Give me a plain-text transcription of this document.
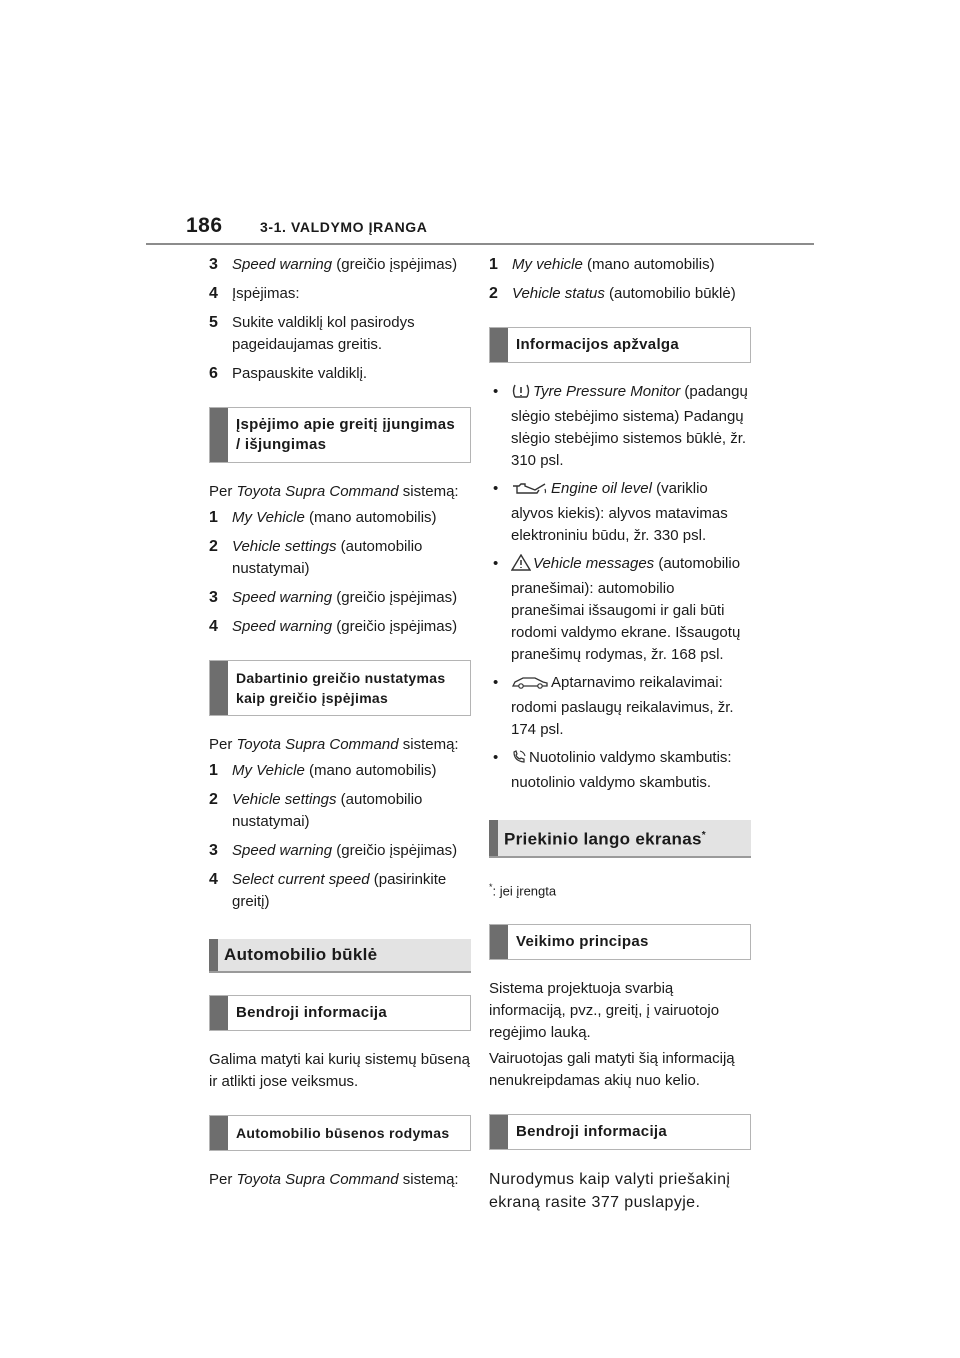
186	3-1. VALDYMO ĮRANGA
3 Speed warning (greičio įspėjimas)
4 Įspėjimas:
5 Sukite valdiklį kol pasirodys pageidaujamas greitis.
6 Paspauskite valdiklį.
Įspėjimo apie greitį įjungimas / išjungimas

Per Toyota Supra Command sistemą:

1 My Vehicle (mano automobilis)
2 Vehicle settings (automobilio nustatymai)
3 Speed warning (greičio įspėjimas)
4 Speed warning (greičio įspėjimas)
Dabartinio greičio nustatymas kaip greičio įspėjimas

Per Toyota Supra Command sistemą:

1 My Vehicle (mano automobilis)
2 Vehicle settings (automobilio nustatymai)
3 Speed warning (greičio įspėjimas)
4 Select current speed (pasirinkite greitį)
Automobilio būklė
Bendroji informacija

Galima matyti kai kurių sistemų būseną ir atlikti jose veiksmus.

Automobilio būsenos rodymas

Per Toyota Supra Command sistemą:

1 My vehicle (mano automobilis)
2 Vehicle status (automobilio būklė)
Informacijos apžvalga
• Tyre Pressure Monitor (padangų slėgio stebėjimo sistema) Padangų slėgio stebėjimo sistemos būklė, žr. 310 psl.
• Engine oil level (variklio alyvos kiekis): alyvos matavimas elektroniniu būdu, žr. 330 psl.
• Vehicle messages (automobilio pranešimai): automobilio pranešimai išsaugomi ir gali būti rodomi valdymo ekrane. Išsaugotų pranešimų rodymas, žr. 168 psl.
• Aptarnavimo reikalavimai: rodomi paslaugų reikalavimus, žr. 174 psl.
• Nuotolinio valdymo skambutis: nuotolinio valdymo skambutis.
Priekinio lango ekranas*

*: jei įrengta

Veikimo principas

Sistema projektuoja svarbią informaciją, pvz., greitį, į vairuotojo regėjimo lauką.

Vairuotojas gali matyti šią informaciją nenukreipdamas akių nuo kelio.

Bendroji informacija

Nurodymus kaip valyti priešakinį ekraną rasite 377 puslapyje.
